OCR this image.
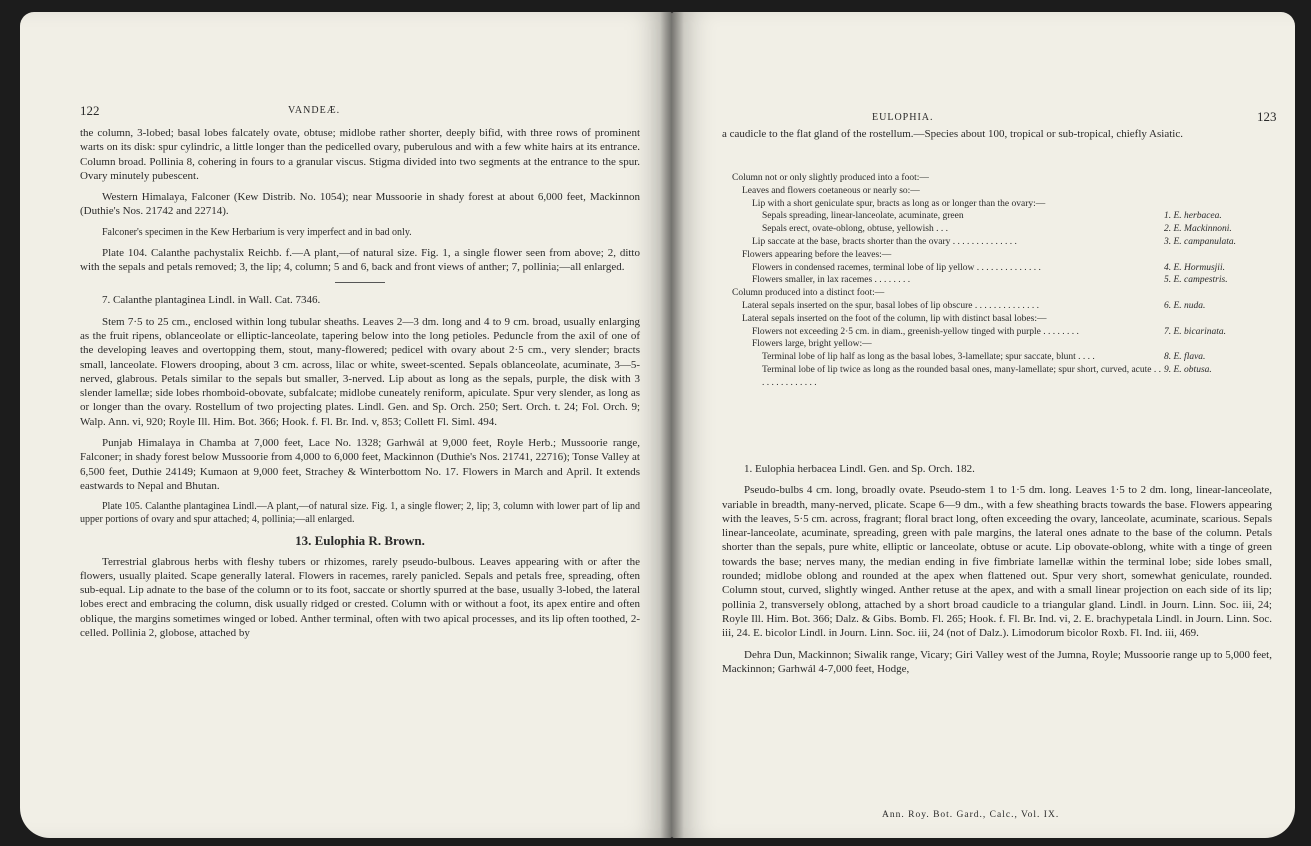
122	VANDEÆ.

the column, 3-lobed; basal lobes falcately ovate, obtuse; midlobe rather shorter, deeply bifid, with three rows of prominent warts on its disk: spur cylindric, a little longer than the pedicelled ovary, puberulous and with a few white hairs at its entrance. Column broad. Pollinia 8, cohering in fours to a granular viscus. Stigma divided into two segments at the entrance to the spur. Ovary minutely pubescent.

Western Himalaya, Falconer (Kew Distrib. No. 1054); near Mussoorie in shady forest at about 6,000 feet, Mackinnon (Duthie's Nos. 21742 and 22714).

Falconer's specimen in the Kew Herbarium is very imperfect and in bad only.

Plate 104. Calanthe pachystalix Reichb. f.—A plant,—of natural size. Fig. 1, a single flower seen from above; 2, ditto with the sepals and petals removed; 3, the lip; 4, column; 5 and 6, back and front views of anther; 7, pollinia;—all enlarged.

7. Calanthe plantaginea Lindl. in Wall. Cat. 7346.

Stem 7·5 to 25 cm., enclosed within long tubular sheaths. Leaves 2—3 dm. long and 4 to 9 cm. broad, usually enlarging as the fruit ripens, oblanceolate or elliptic-lanceolate, tapering below into the long petioles. Peduncle from the axil of one of the developing leaves and overtopping them, stout, many-flowered; pedicel with ovary about 2·5 cm., very slender; bracts small, lanceolate. Flowers drooping, about 3 cm. across, lilac or white, sweet-scented. Sepals oblanceolate, acuminate, 3—5-nerved, glabrous. Petals similar to the sepals but smaller, 3-nerved. Lip about as long as the sepals, purple, the disk with 3 slender lamellæ; side lobes rhomboid-obovate, subfalcate; midlobe cuneately reniform, apiculate. Spur very slender, as long as or longer than the ovary. Rostellum of two projecting plates. Lindl. Gen. and Sp. Orch. 250; Sert. Orch. t. 24; Fol. Orch. 9; Walp. Ann. vi, 920; Royle Ill. Him. Bot. 366; Hook. f. Fl. Br. Ind. v, 853; Collett Fl. Siml. 494.

Punjab Himalaya in Chamba at 7,000 feet, Lace No. 1328; Garhwál at 9,000 feet, Royle Herb.; Mussoorie range, Falconer; in shady forest below Mussoorie from 4,000 to 6,000 feet, Mackinnon (Duthie's Nos. 21741, 22716); Tonse Valley at 6,500 feet, Duthie 24149; Kumaon at 9,000 feet, Strachey & Winterbottom No. 17. Flowers in March and April. It extends eastwards to Nepal and Bhutan.

Plate 105. Calanthe plantaginea Lindl.—A plant,—of natural size. Fig. 1, a single flower; 2, lip; 3, column with lower part of lip and upper portions of ovary and spur attached; 4, pollinia;—all enlarged.

13. Eulophia R. Brown.

Terrestrial glabrous herbs with fleshy tubers or rhizomes, rarely pseudo-bulbous. Leaves appearing with or after the flowers, usually plaited. Scape generally lateral. Flowers in racemes, rarely panicled. Sepals and petals free, spreading, often sub-equal. Lip adnate to the base of the column or to its foot, saccate or shortly spurred at the base, usually 3-lobed, the lateral lobes erect and embracing the column, disk usually ridged or crested. Column with or without a foot, its apex entire and often oblique, the margins sometimes winged or lobed. Anther terminal, often with two apical processes, and its lip often toothed, 2-celled. Pollinia 2, globose, attached by

EULOPHIA.	123

a caudicle to the flat gland of the rostellum.—Species about 100, tropical or sub-tropical, chiefly Asiatic.

Column not or only slightly produced into a foot:—
Leaves and flowers coetaneous or nearly so:—
Lip with a short geniculate spur, bracts as long as or longer than the ovary:—
Sepals spreading, linear-lanceolate, acuminate, green	1. E. herbacea.
Sepals erect, ovate-oblong, obtuse, yellowish . . .	2. E. Mackinnoni.
Lip saccate at the base, bracts shorter than the ovary . . . . . . . . . . . . . .	3. E. campanulata.
Flowers appearing before the leaves:—
Flowers in condensed racemes, terminal lobe of lip yellow . . . . . . . . . . . . . .	4. E. Hormusjii.
Flowers smaller, in lax racemes . . . . . . . .	5. E. campestris.
Column produced into a distinct foot:—
Lateral sepals inserted on the spur, basal lobes of lip obscure . . . . . . . . . . . . . .	6. E. nuda.
Lateral sepals inserted on the foot of the column, lip with distinct basal lobes:—
Flowers not exceeding 2·5 cm. in diam., greenish-yellow tinged with purple . . . . . . . .	7. E. bicarinata.
Flowers large, bright yellow:—
Terminal lobe of lip half as long as the basal lobes, 3-lamellate; spur saccate, blunt . . . .	8. E. flava.
Terminal lobe of lip twice as long as the rounded basal ones, many-lamellate; spur short, curved, acute . . . . . . . . . . . . . .
9. E. obtusa.

1. Eulophia herbacea Lindl. Gen. and Sp. Orch. 182.

Pseudo-bulbs 4 cm. long, broadly ovate. Pseudo-stem 1 to 1·5 dm. long. Leaves 1·5 to 2 dm. long, linear-lanceolate, variable in breadth, many-nerved, plicate. Scape 6—9 dm., with a few sheathing bracts towards the base. Flowers appearing with the leaves, 5·5 cm. across, fragrant; floral bract long, often exceeding the ovary, lanceolate, acuminate, scarious. Sepals linear-lanceolate, acuminate, spreading, green with pale margins, the lateral ones adnate to the base of the column. Petals shorter than the sepals, pure white, elliptic or lanceolate, obtuse or acute. Lip obovate-oblong, white with a tinge of green towards the base; nerves many, the median ending in five fimbriate lamellæ within the terminal lobe; side lobes small, rounded; midlobe oblong and rounded at the apex when flattened out. Spur very short, somewhat geniculate, rounded. Column stout, curved, slightly winged. Anther retuse at the apex, and with a small linear projection on each side of its lip; pollinia 2, transversely oblong, attached by a short broad caudicle to a triangular gland. Lindl. in Journ. Linn. Soc. iii, 24; Royle Ill. Him. Bot. 366; Dalz. & Gibs. Bomb. Fl. 265; Hook. f. Fl. Br. Ind. vi, 2. E. brachypetala Lindl. in Journ. Linn. Soc. iii, 24. E. bicolor Lindl. in Journ. Linn. Soc. iii, 24 (not of Dalz.). Limodorum bicolor Roxb. Fl. Ind. iii, 469.

Dehra Dun, Mackinnon; Siwalik range, Vicary; Giri Valley west of the Jumna, Royle; Mussoorie range up to 5,000 feet, Mackinnon; Garhwál 4-7,000 feet, Hodge,

Ann. Roy. Bot. Gard., Calc., Vol. IX.
